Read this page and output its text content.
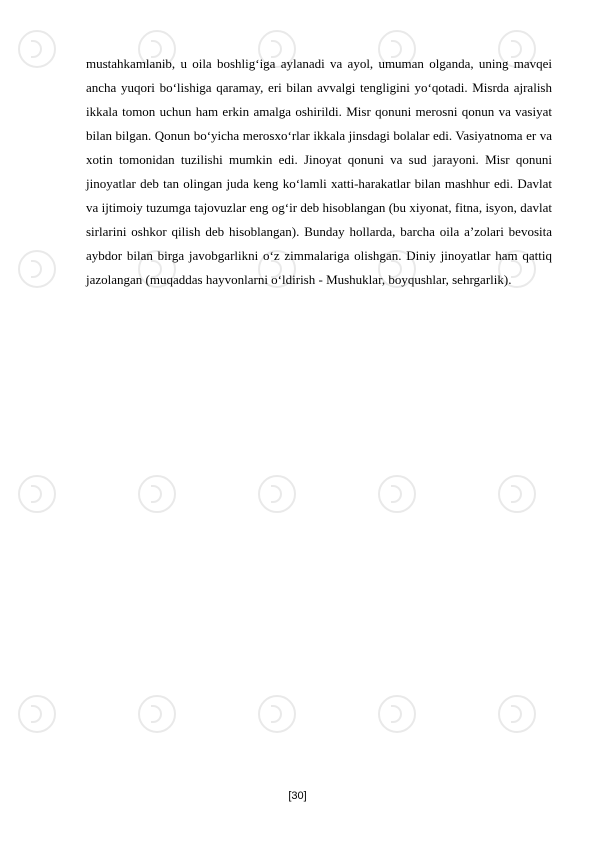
mustahkamlanib, u oila boshligʻiga aylanadi va ayol, umuman olganda, uning mavqei ancha yuqori boʻlishiga qaramay, eri bilan avvalgi tengligini yoʻqotadi. Misrda ajralish ikkala tomon uchun ham erkin amalga oshirildi. Misr qonuni merosni qonun va vasiyat bilan bilgan. Qonun boʻyicha merosxoʻrlar ikkala jinsdagi bolalar edi. Vasiyatnoma er va xotin tomonidan tuzilishi mumkin edi. Jinoyat qonuni va sud jarayoni. Misr qonuni jinoyatlar deb tan olingan juda keng koʻlamli xatti-harakatlar bilan mashhur edi. Davlat va ijtimoiy tuzumga tajovuzlar eng ogʻir deb hisoblangan (bu xiyonat, fitna, isyon, davlat sirlarini oshkor qilish deb hisoblangan). Bunday hollarda, barcha oila aʼzolari bevosita aybdor bilan birga javobgarlikni oʻz zimmalariga olishgan. Diniy jinoyatlar ham qattiq jazolangan (muqaddas hayvonlarni oʻldirish - Mushuklar, boyqushlar, sehrgarlik).

[30]
